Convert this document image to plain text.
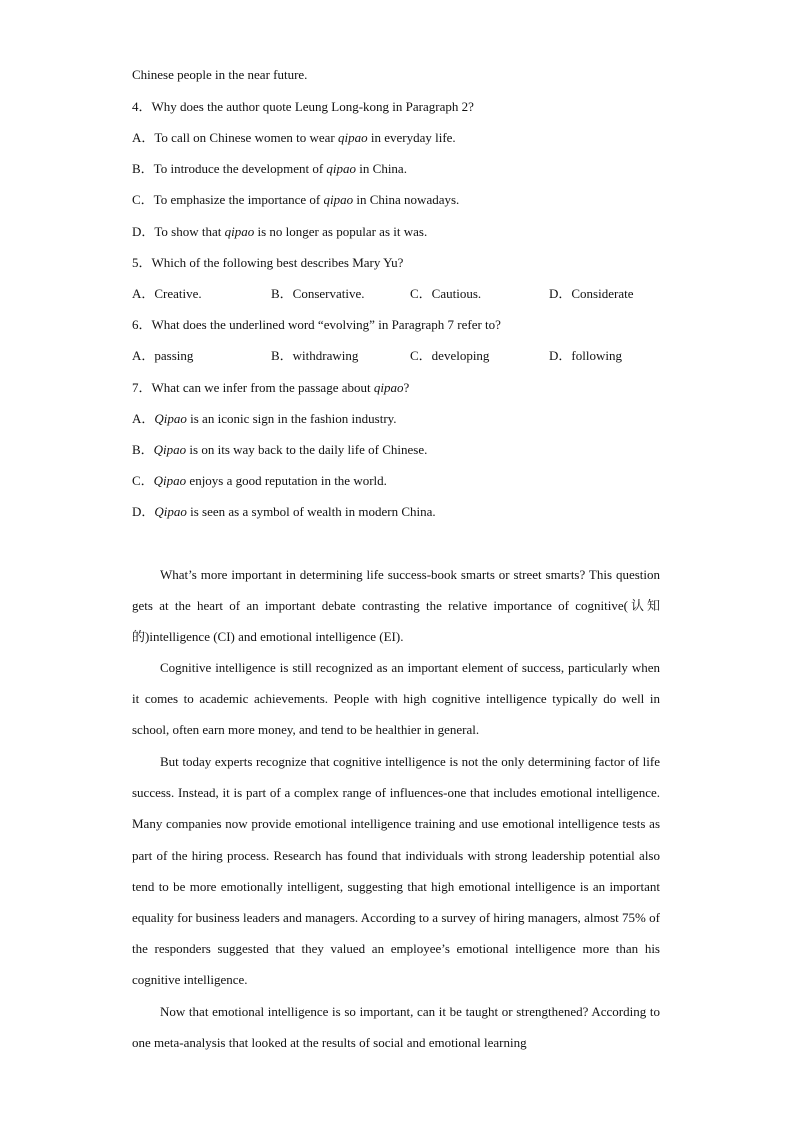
Chinese people in the near future.
4．Why does the author quote Leung Long-kong in Paragraph 2?
A．To call on Chinese women to wear qipao in everyday life.
B．To introduce the development of qipao in China.
C．To emphasize the importance of qipao in China nowadays.
D．To show that qipao is no longer as popular as it was.
5．Which of the following best describes Mary Yu?
A．Creative.	B．Conservative.	C．Cautious.	D．Considerate
6．What does the underlined word “evolving” in Paragraph 7 refer to?
A．passing	B．withdrawing	C．developing	D．following
7．What can we infer from the passage about qipao?
A．Qipao is an iconic sign in the fashion industry.
B．Qipao is on its way back to the daily life of Chinese.
C．Qipao enjoys a good reputation in the world.
D．Qipao is seen as a symbol of wealth in modern China.

What’s more important in determining life success-book smarts or street smarts? This question gets at the heart of an important debate contrasting the relative importance of cognitive(认知的)intelligence (CI) and emotional intelligence (EI).

Cognitive intelligence is still recognized as an important element of success, particularly when it comes to academic achievements. People with high cognitive intelligence typically do well in school, often earn more money, and tend to be healthier in general.

But today experts recognize that cognitive intelligence is not the only determining factor of life success. Instead, it is part of a complex range of influences-one that includes emotional intelligence. Many companies now provide emotional intelligence training and use emotional intelligence tests as part of the hiring process. Research has found that individuals with strong leadership potential also tend to be more emotionally intelligent, suggesting that high emotional intelligence is an important equality for business leaders and managers. According to a survey of hiring managers, almost 75% of the responders suggested that they valued an employee’s emotional intelligence more than his cognitive intelligence.

Now that emotional intelligence is so important, can it be taught or strengthened? According to one meta-analysis that looked at the results of social and emotional learning
